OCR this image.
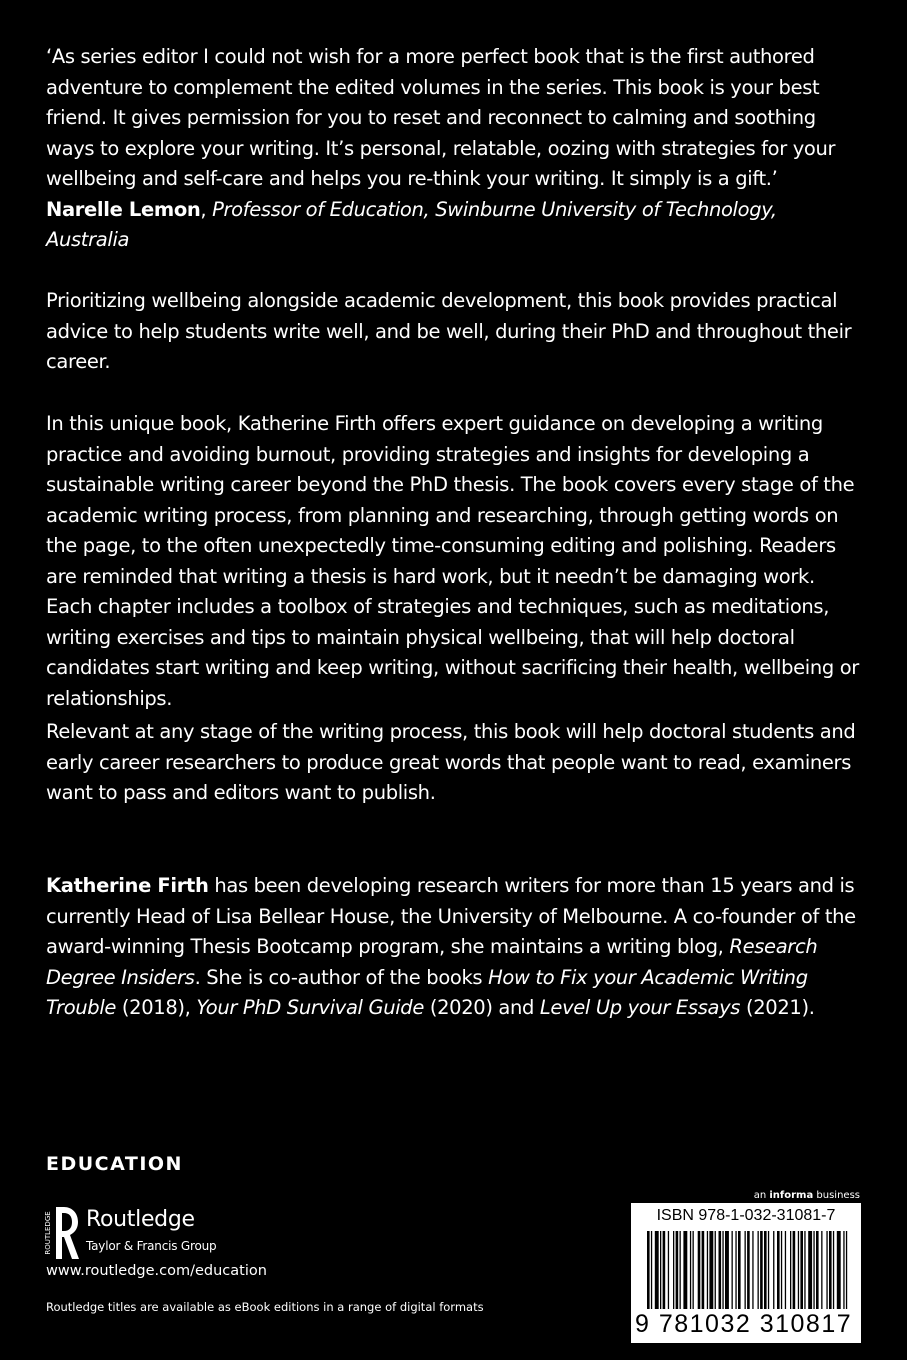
‘As series editor I could not wish for a more perfect book that is the first authored adventure to complement the edited volumes in the series. This book is your best friend. It gives permission for you to reset and reconnect to calming and soothing ways to explore your writing. It’s personal, relatable, oozing with strategies for your wellbeing and self-care and helps you re-think your writing. It simply is a gift.’
Narelle Lemon, Professor of Education, Swinburne University of Technology, Australia

Prioritizing wellbeing alongside academic development, this book provides practical advice to help students write well, and be well, during their PhD and throughout their career.

In this unique book, Katherine Firth offers expert guidance on developing a writing practice and avoiding burnout, providing strategies and insights for developing a sustainable writing career beyond the PhD thesis. The book covers every stage of the academic writing process, from planning and researching, through getting words on the page, to the often unexpectedly time-consuming editing and polishing. Readers are reminded that writing a thesis is hard work, but it needn’t be damaging work. Each chapter includes a toolbox of strategies and techniques, such as meditations, writing exercises and tips to maintain physical wellbeing, that will help doctoral candidates start writing and keep writing, without sacrificing their health, wellbeing or relationships.

Relevant at any stage of the writing process, this book will help doctoral students and early career researchers to produce great words that people want to read, examiners want to pass and editors want to publish.

Katherine Firth has been developing research writers for more than 15 years and is currently Head of Lisa Bellear House, the University of Melbourne. A co-founder of the award-winning Thesis Bootcamp program, she maintains a writing blog, Research Degree Insiders. She is co-author of the books How to Fix your Academic Writing Trouble (2018), Your PhD Survival Guide (2020) and Level Up your Essays (2021).

EDUCATION
ROUTLEDGE Routledge
Taylor & Francis Group
www.routledge.com/education
Routledge titles are available as eBook editions in a range of digital formats
an informa business
ISBN 978-1-032-31081-7
9 781032 310817
